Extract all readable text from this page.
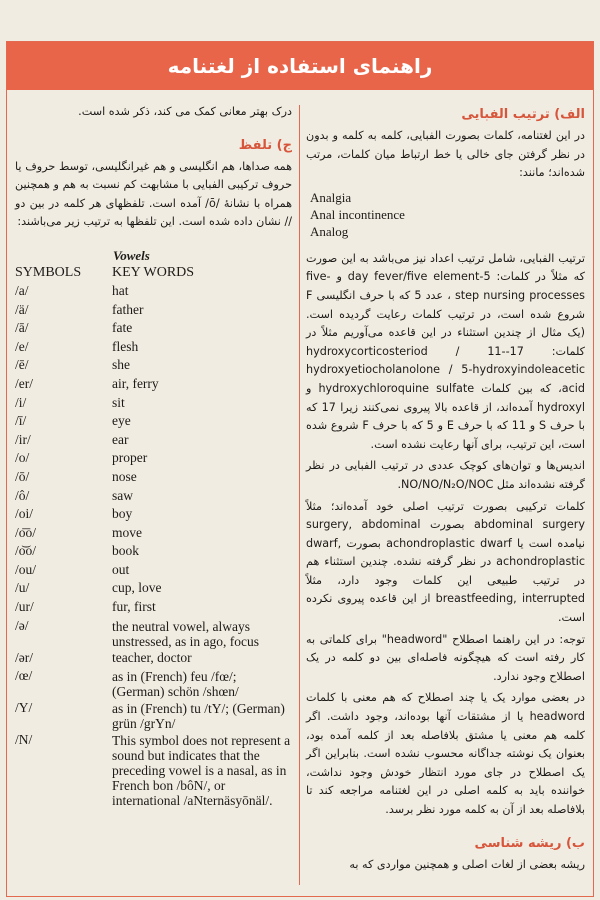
راهنمای استفاده از لغتنامه
الف) ترتیب الفبایی

در این لغتنامه، کلمات بصورت الفبایی، کلمه به کلمه و بدون در نظر گرفتن جای خالی یا خط ارتباط میان کلمات، مرتب شده‌اند؛ مانند:

Analgia
Anal incontinence
Analog

ترتیب الفبایی، شامل ترتیب اعداد نیز می‌باشد به این صورت که مثلاً در کلمات: 5-day fever/five element و five-step nursing processes ، عدد 5 که با حرف انگلیسی F شروع شده است، در ترتیب کلمات رعایت گردیده است. (یک مثال از چندین استثناء در این قاعده می‌آوریم مثلاً در کلمات: 17-hydroxycorticosteriod / 11-hydroxyetiocholanolone / 5-hydroxyindoleacetic acid، که بین کلمات hydroxychloroquine sulfate و hydroxyl آمده‌اند، از قاعده بالا پیروی نمی‌کنند زیرا 17 که با حرف S و 11 که با حرف E و 5 که با حرف F شروع شده است، این ترتیب، برای آنها رعایت نشده است.

اندیس‌ها و توان‌های کوچک عددی در ترتیب الفبایی در نظر گرفته نشده‌اند مثل NO/NO/N₂O/NOC.

کلمات ترکیبی بصورت ترتیب اصلی خود آمده‌اند؛ مثلاً abdominal surgery بصورت surgery, abdominal نیامده است یا achondroplastic dwarf بصورت dwarf, achondroplastic در نظر گرفته نشده. چندین استثناء هم در ترتیب طبیعی این کلمات وجود دارد، مثلاً breastfeeding, interrupted از این قاعده پیروی نکرده است.

توجه: در این راهنما اصطلاح "headword" برای کلماتی به کار رفته است که هیچگونه فاصله‌ای بین دو کلمه در یک اصطلاح وجود ندارد.

در بعضی موارد یک یا چند اصطلاح که هم معنی با کلمات headword یا از مشتقات آنها بوده‌اند، وجود داشت. اگر کلمه هم معنی یا مشتق بلافاصله بعد از کلمه آمده بود، بعنوان یک نوشته جداگانه محسوب نشده است. بنابراین اگر یک اصطلاح در جای مورد انتظار خودش وجود نداشت، خواننده باید به کلمه اصلی در این لغتنامه مراجعه کند تا بلافاصله بعد از آن به کلمه مورد نظر برسد.

ب) ریشه شناسی

ریشه بعضی از لغات اصلی و همچنین مواردی که به

درک بهتر معانی کمک می کند، ذکر شده است.

ج) تلفظ

همه صداها، هم انگلیسی و هم غیرانگلیسی، توسط حروف یا حروف ترکیبی الفبایی با مشابهت کم نسبت به هم و همچنین همراه با نشانهٔ /ō/ آمده است. تلفظهای هر کلمه در بین دو // نشان داده شده است. این تلفظها به ترتیب زیر می‌باشند:

Vowels
SYMBOLS	KEY WORDS
/a/	hat
/ä/	father
/ā/	fate
/e/	flesh
/ē/	she
/er/	air, ferry
/i/	sit
/ī/	eye
/ir/	ear
/o/	proper
/ō/	nose
/ô/	saw
/oi/	boy
/o͞o/	move
/o͝o/	book
/ou/	out
/u/	cup, love
/ur/	fur, first
/ə/	the neutral vowel, always unstressed, as in ago, focus
/ər/	teacher, doctor
/œ/	as in (French) feu /fœ/; (German) schön /shœn/
/Y/	as in (French) tu /tY/; (German) grün /grYn/
/N/	This symbol does not represent a sound but indicates that the preceding vowel is a nasal, as in French bon /bôN/, or international /aNternäsyōnäl/.
